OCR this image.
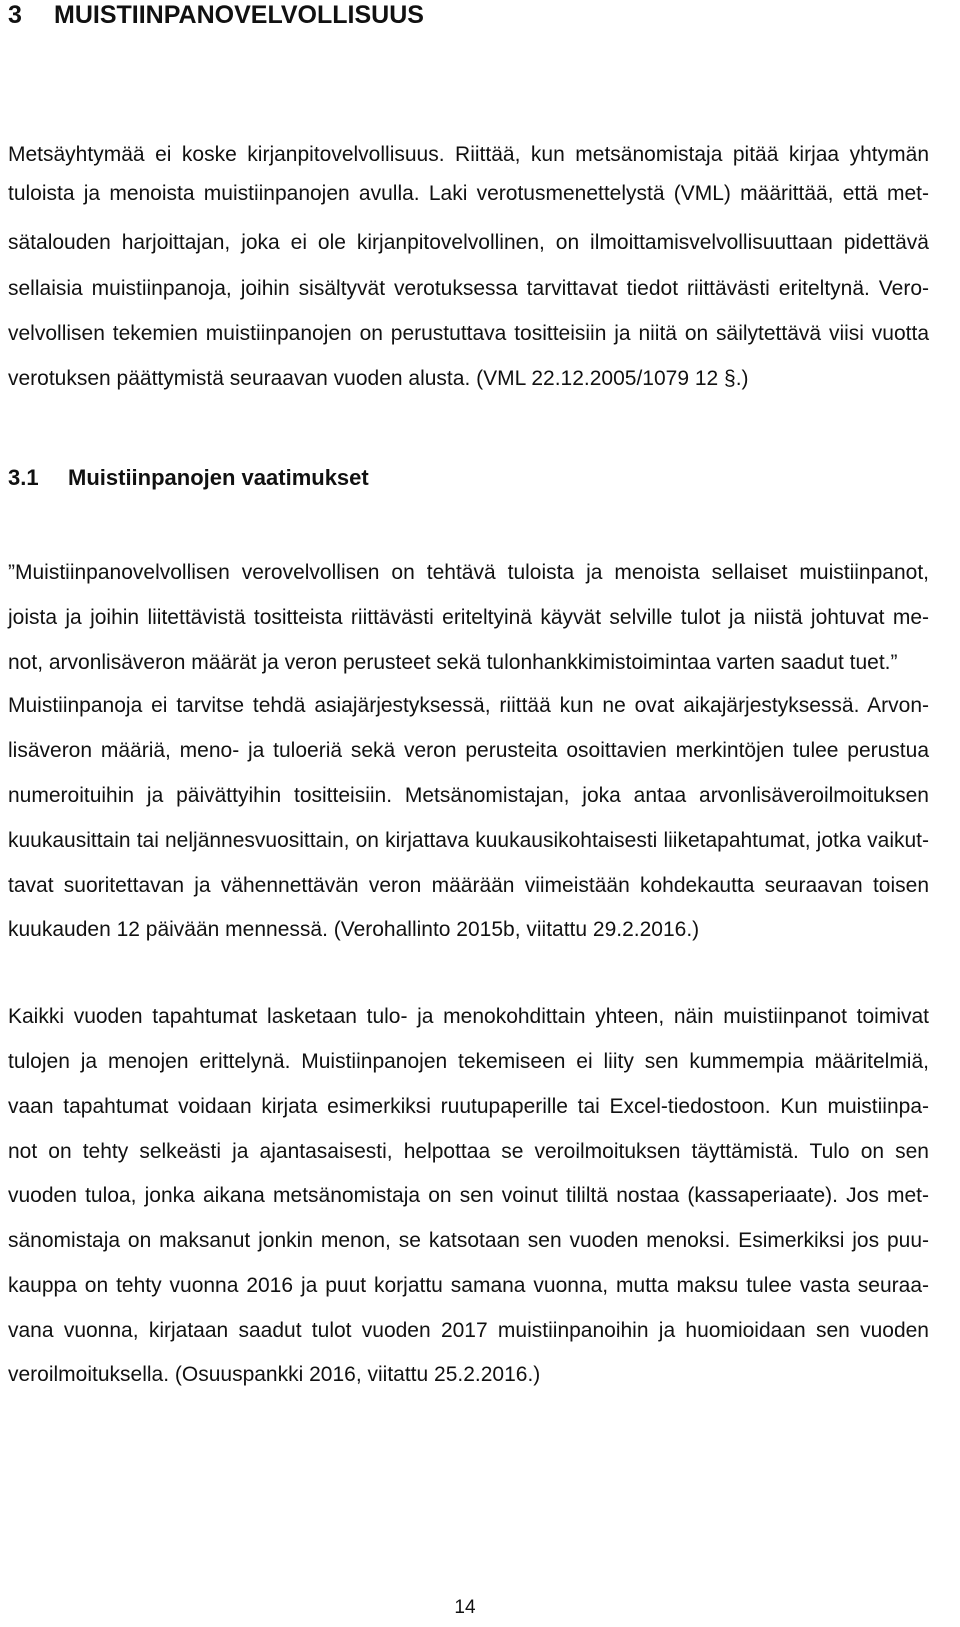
3 MUISTIINPANOVELVOLLISUUS
Metsäyhtymää ei koske kirjanpitovelvollisuus. Riittää, kun metsänomistaja pitää kirjaa yhtymän
tuloista ja menoista muistiinpanojen avulla. Laki verotusmenettelystä (VML) määrittää, että met-
sätalouden harjoittajan, joka ei ole kirjanpitovelvollinen, on ilmoittamisvelvollisuuttaan pidettävä
sellaisia muistiinpanoja, joihin sisältyvät verotuksessa tarvittavat tiedot riittävästi eriteltynä. Vero-
velvollisen tekemien muistiinpanojen on perustuttava tositteisiin ja niitä on säilytettävä viisi vuotta
verotuksen päättymistä seuraavan vuoden alusta. (VML 22.12.2005/1079 12 §.)
3.1 Muistiinpanojen vaatimukset
”Muistiinpanovelvollisen verovelvollisen on tehtävä tuloista ja menoista sellaiset muistiinpanot,
joista ja joihin liitettävistä tositteista riittävästi eriteltyinä käyvät selville tulot ja niistä johtuvat me-
not, arvonlisäveron määrät ja veron perusteet sekä tulonhankkimistoimintaa varten saadut tuet.”
Muistiinpanoja ei tarvitse tehdä asiajärjestyksessä, riittää kun ne ovat aikajärjestyksessä. Arvon-
lisäveron määriä, meno- ja tuloeriä sekä veron perusteita osoittavien merkintöjen tulee perustua
numeroituihin ja päivättyihin tositteisiin. Metsänomistajan, joka antaa arvonlisäveroilmoituksen
kuukausittain tai neljännesvuosittain, on kirjattava kuukausikohtaisesti liiketapahtumat, jotka vaikut-
tavat suoritettavan ja vähennettävän veron määrään viimeistään kohdekautta seuraavan toisen
kuukauden 12 päivään mennessä. (Verohallinto 2015b, viitattu 29.2.2016.)
Kaikki vuoden tapahtumat lasketaan tulo- ja menokohdittain yhteen, näin muistiinpanot toimivat
tulojen ja menojen erittelynä. Muistiinpanojen tekemiseen ei liity sen kummempia määritelmiä,
vaan tapahtumat voidaan kirjata esimerkiksi ruutupaperille tai Excel-tiedostoon. Kun muistiinpa-
not on tehty selkeästi ja ajantasaisesti, helpottaa se veroilmoituksen täyttämistä. Tulo on sen
vuoden tuloa, jonka aikana metsänomistaja on sen voinut tililtä nostaa (kassaperiaate). Jos met-
sänomistaja on maksanut jonkin menon, se katsotaan sen vuoden menoksi. Esimerkiksi jos puu-
kauppa on tehty vuonna 2016 ja puut korjattu samana vuonna, mutta maksu tulee vasta seuraa-
vana vuonna, kirjataan saadut tulot vuoden 2017 muistiinpanoihin ja huomioidaan sen vuoden
veroilmoituksella. (Osuuspankki 2016, viitattu 25.2.2016.)
14
